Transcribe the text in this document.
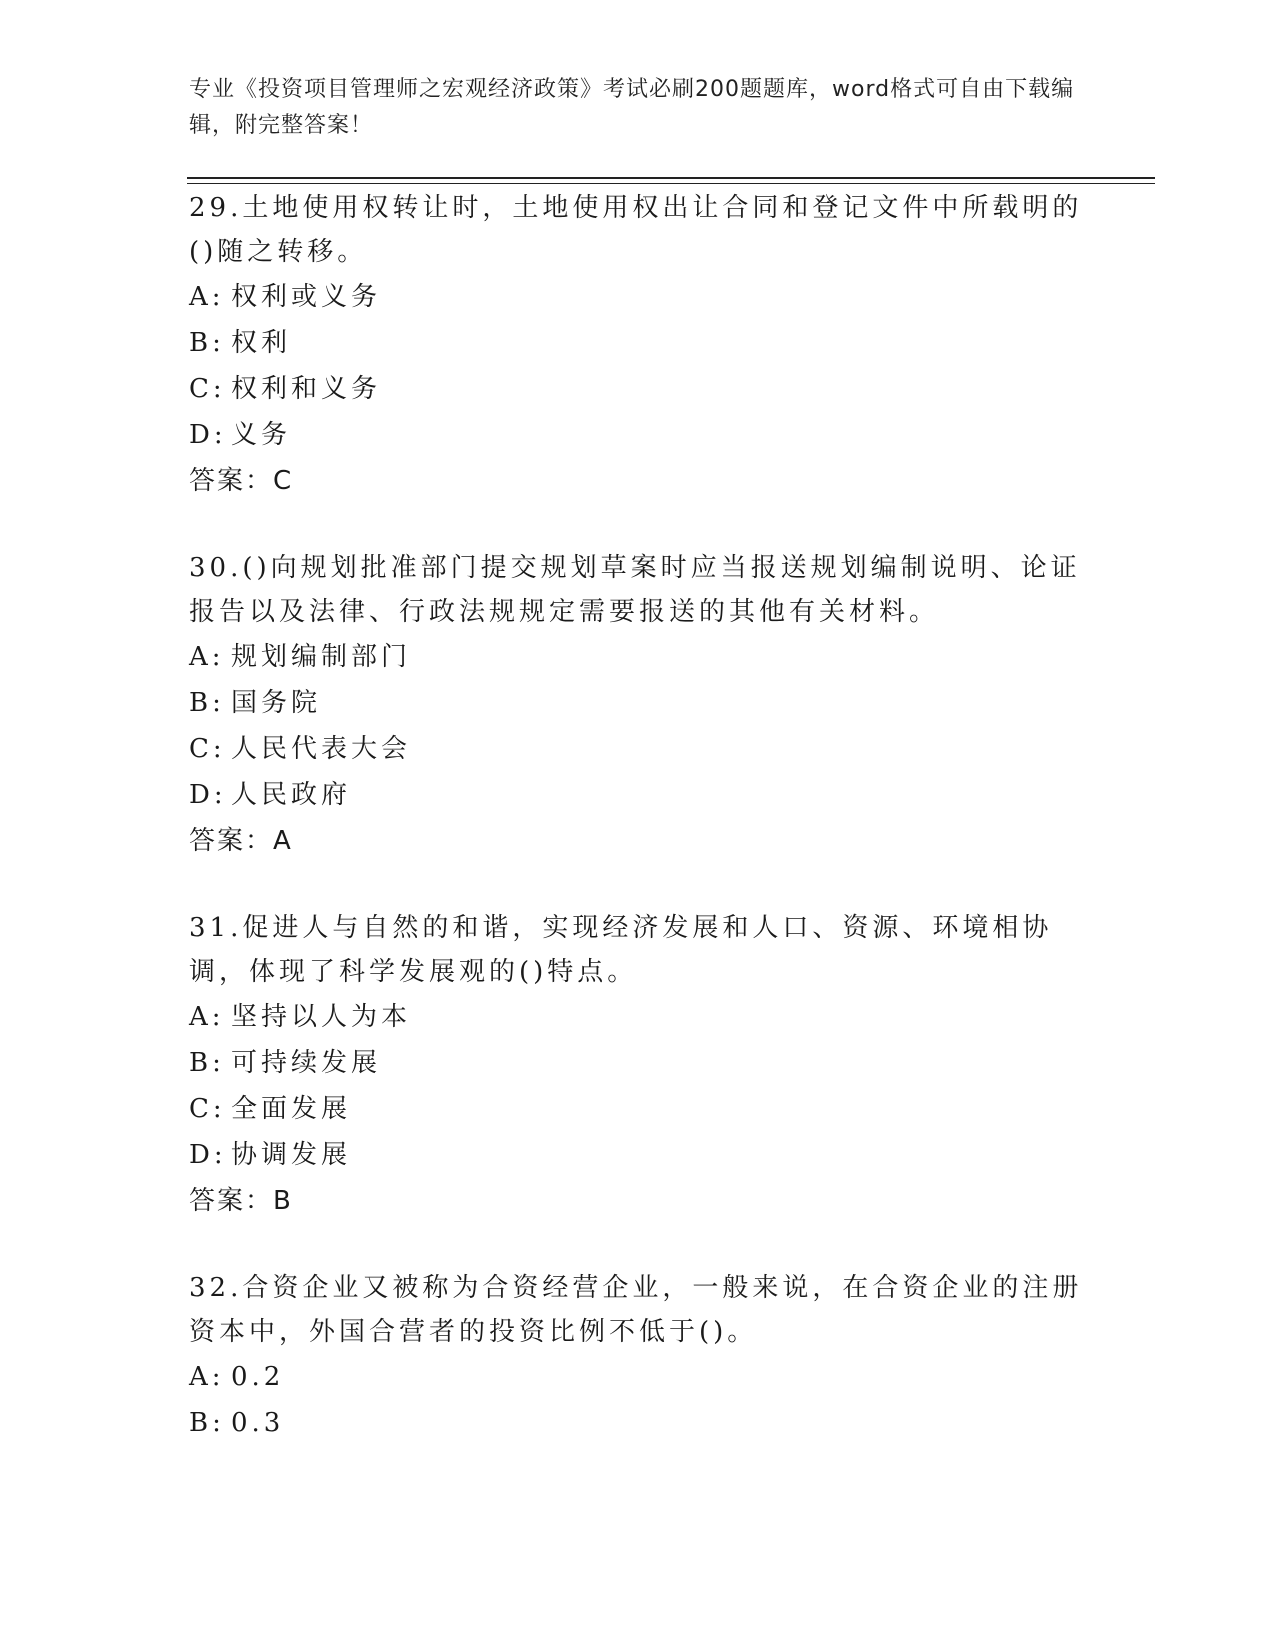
专业《投资项目管理师之宏观经济政策》考试必刷200题题库，word格式可自由下载编辑，附完整答案！

29.土地使用权转让时，土地使用权出让合同和登记文件中所载明的()随之转移。

A: 权利或义务

B: 权利

C: 权利和义务

D: 义务

答案：C

30.()向规划批准部门提交规划草案时应当报送规划编制说明、论证报告以及法律、行政法规规定需要报送的其他有关材料。

A: 规划编制部门

B: 国务院

C: 人民代表大会

D: 人民政府

答案：A

31.促进人与自然的和谐，实现经济发展和人口、资源、环境相协调，体现了科学发展观的()特点。

A: 坚持以人为本

B: 可持续发展

C: 全面发展

D: 协调发展

答案：B

32.合资企业又被称为合资经营企业，一般来说，在合资企业的注册资本中，外国合营者的投资比例不低于()。

A: 0.2

B: 0.3
